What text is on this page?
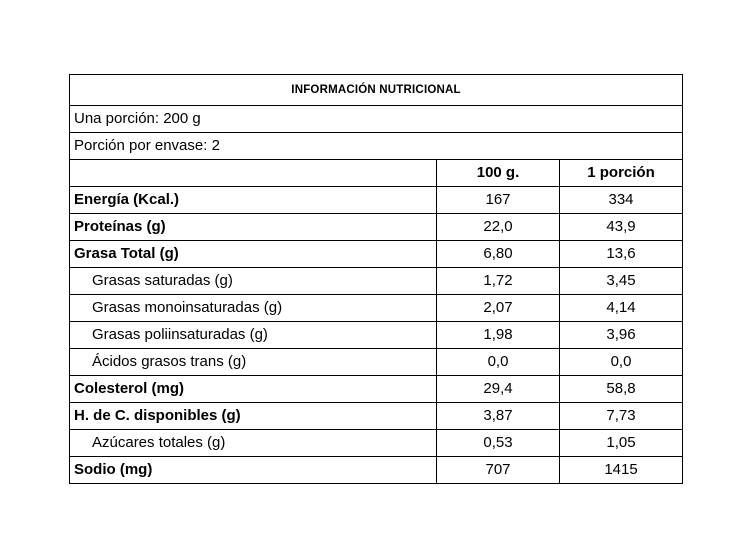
INFORMACIÓN NUTRICIONAL		
Una porción: 200 g		
Porción por envase: 2		
	100 g.	1 porción
Energía (Kcal.)	167	334
Proteínas (g)	22,0	43,9
Grasa Total (g)	6,80	13,6
Grasas saturadas (g)	1,72	3,45
Grasas monoinsaturadas (g)	2,07	4,14
Grasas poliinsaturadas (g)	1,98	3,96
Ácidos grasos trans (g)	0,0	0,0
Colesterol (mg)	29,4	58,8
H. de C. disponibles (g)	3,87	7,73
Azúcares totales (g)	0,53	1,05
Sodio (mg)	707	1415
